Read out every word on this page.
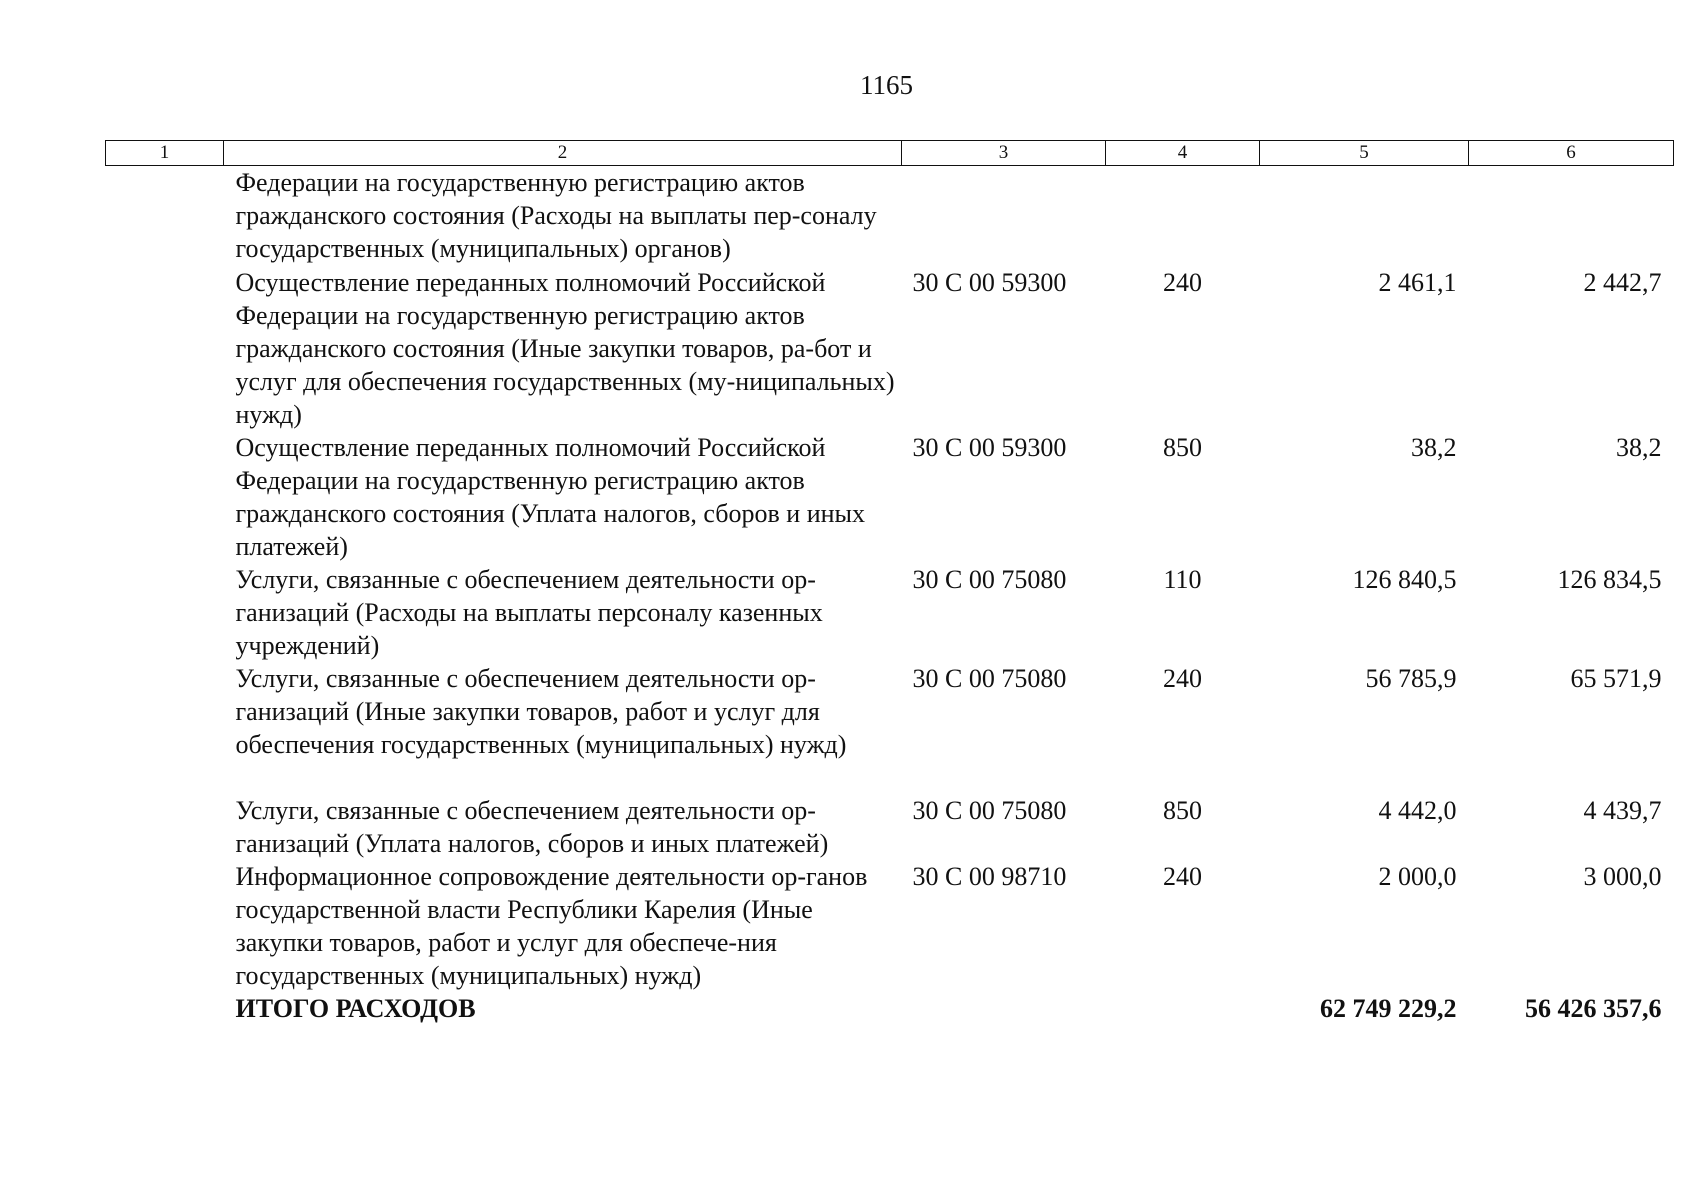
1165
1	2	3	4	5	6
	Федерации на государственную регистрацию актов гражданского состояния (Расходы на выплаты пер-соналу государственных (муниципальных) органов)				
	Осуществление переданных полномочий Российской Федерации на государственную регистрацию актов гражданского состояния (Иные закупки товаров, ра-бот и услуг для обеспечения государственных (му-ниципальных) нужд)	30 С 00 59300	240	2 461,1	2 442,7
	Осуществление переданных полномочий Российской Федерации на государственную регистрацию актов гражданского состояния (Уплата налогов, сборов и иных платежей)	30 С 00 59300	850	38,2	38,2
	Услуги, связанные с обеспечением деятельности ор-ганизаций (Расходы на выплаты персоналу казенных учреждений)	30 С 00 75080	110	126 840,5	126 834,5
	Услуги, связанные с обеспечением деятельности ор-ганизаций (Иные закупки товаров, работ и услуг для обеспечения государственных (муниципальных) нужд)	30 С 00 75080	240	56 785,9	65 571,9
	Услуги, связанные с обеспечением деятельности ор-ганизаций (Уплата налогов, сборов и иных платежей)	30 С 00 75080	850	4 442,0	4 439,7
	Информационное сопровождение деятельности ор-ганов государственной власти Республики Карелия (Иные закупки товаров, работ и услуг для обеспече-ния государственных (муниципальных) нужд)	30 С 00 98710	240	2 000,0	3 000,0
	ИТОГО РАСХОДОВ			62 749 229,2	56 426 357,6
